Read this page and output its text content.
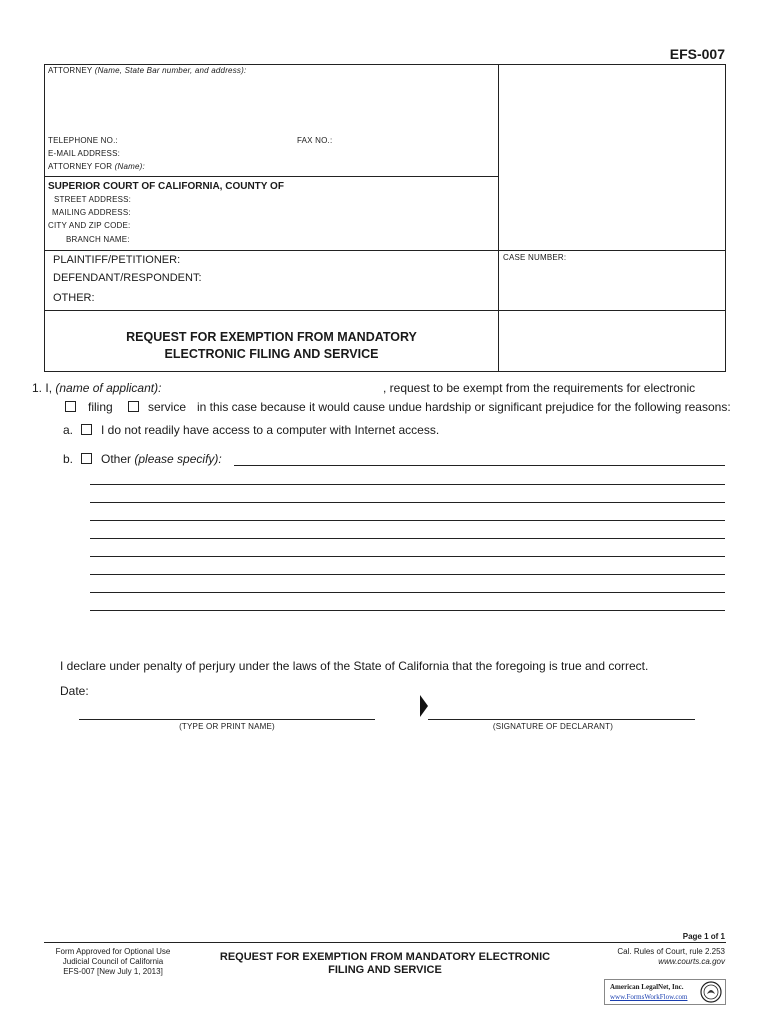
EFS-007
ATTORNEY (Name, State Bar number, and address):
TELEPHONE NO.:	FAX NO.:
E-MAIL ADDRESS:
ATTORNEY FOR (Name):
SUPERIOR COURT OF CALIFORNIA, COUNTY OF
STREET ADDRESS:
MAILING ADDRESS:
CITY AND ZIP CODE:
BRANCH NAME:
PLAINTIFF/PETITIONER:
DEFENDANT/RESPONDENT:
OTHER:
CASE NUMBER:
REQUEST FOR EXEMPTION FROM MANDATORY
ELECTRONIC FILING AND SERVICE
1. I, (name of applicant):	, request to be exempt from the requirements for electronic
filing	service in this case because it would cause undue hardship or significant prejudice for the following reasons:
a. I do not readily have access to a computer with Internet access.
b. Other (please specify):
I declare under penalty of perjury under the laws of the State of California that the foregoing is true and correct.
Date:
(TYPE OR PRINT NAME)	(SIGNATURE OF DECLARANT)
Page 1 of 1
Form Approved for Optional Use
Judicial Council of California
EFS-007 [New July 1, 2013]
REQUEST FOR EXEMPTION FROM MANDATORY ELECTRONIC
FILING AND SERVICE
Cal. Rules of Court, rule 2.253
www.courts.ca.gov
American LegalNet, Inc.
www.FormsWorkFlow.com
